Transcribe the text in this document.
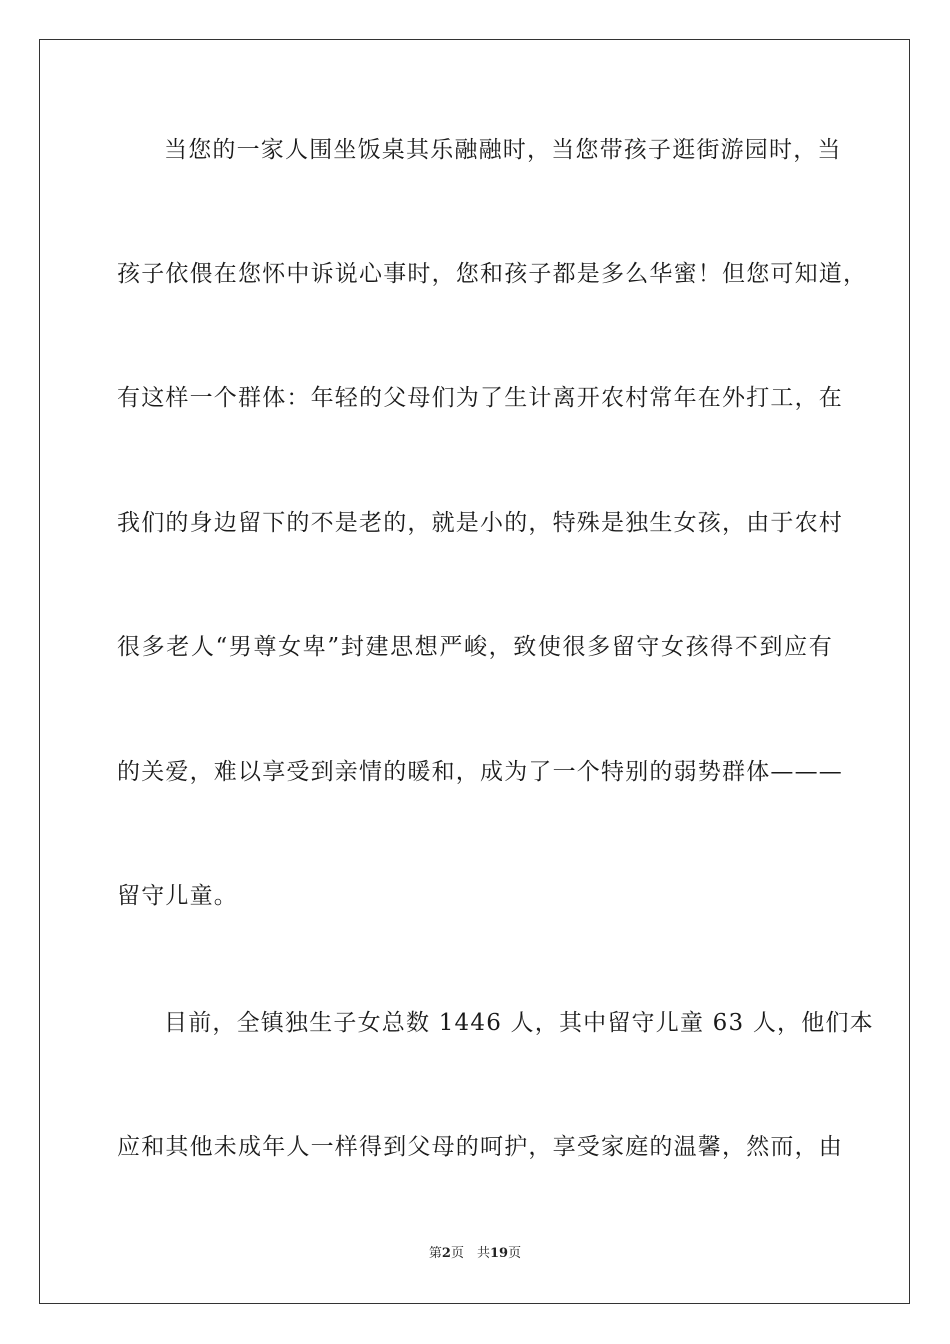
当您的一家人围坐饭桌其乐融融时，当您带孩子逛街游园时，当
孩子依偎在您怀中诉说心事时，您和孩子都是多么华蜜！但您可知道，
有这样一个群体：年轻的父母们为了生计离开农村常年在外打工，在
我们的身边留下的不是老的，就是小的，特殊是独生女孩，由于农村
很多老人“男尊女卑”封建思想严峻，致使很多留守女孩得不到应有
的关爱，难以享受到亲情的暖和，成为了一个特别的弱势群体———
留守儿童。
目前，全镇独生子女总数 1446 人，其中留守儿童 63 人，他们本
应和其他未成年人一样得到父母的呵护，享受家庭的温馨，然而，由
第2页　共19页
